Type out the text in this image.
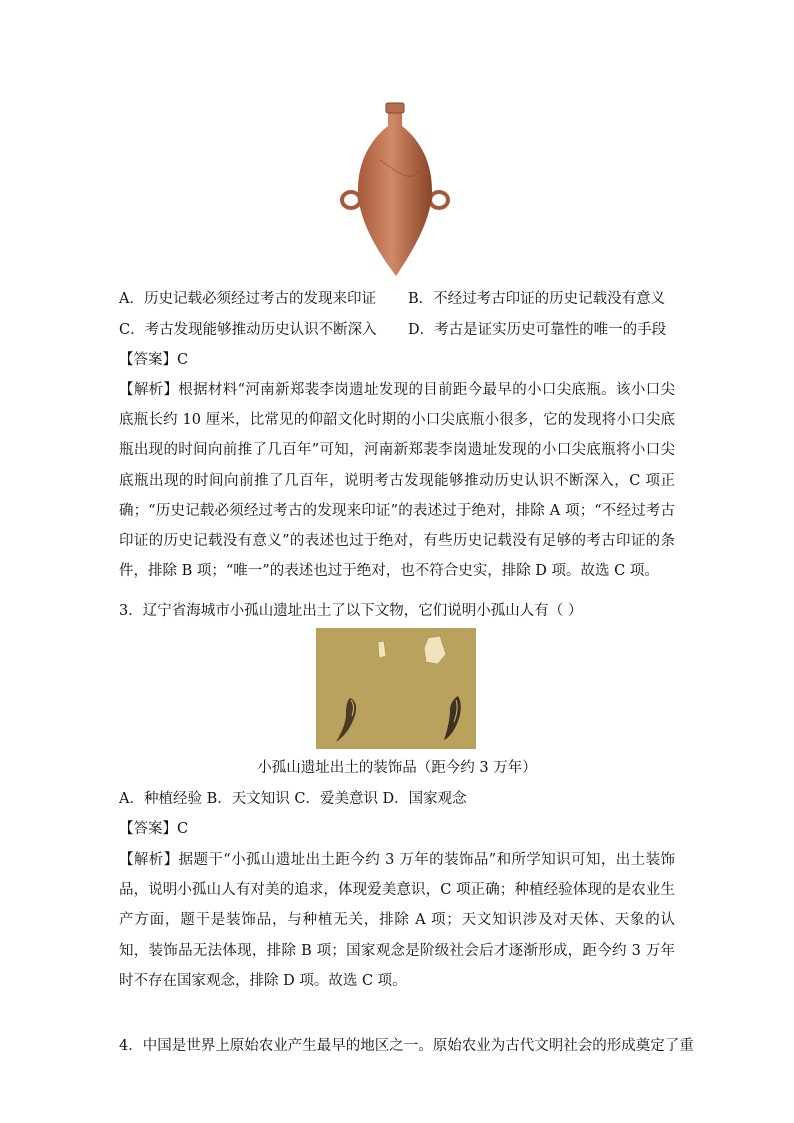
A．历史记载必须经过考古的发现来印证 B．不经过考古印证的历史记载没有意义
C．考古发现能够推动历史认识不断深入 D．考古是证实历史可靠性的唯一的手段
【答案】C
【解析】根据材料“河南新郑裴李岗遗址发现的目前距今最早的小口尖底瓶。该小口尖底瓶长约 10 厘米，比常见的仰韶文化时期的小口尖底瓶小很多，它的发现将小口尖底瓶出现的时间向前推了几百年”可知，河南新郑裴李岗遗址发现的小口尖底瓶将小口尖底瓶出现的时间向前推了几百年，说明考古发现能够推动历史认识不断深入，C 项正确；“历史记载必须经过考古的发现来印证”的表述过于绝对，排除 A 项；“不经过考古印证的历史记载没有意义”的表述也过于绝对，有些历史记载没有足够的考古印证的条件，排除 B 项；“唯一”的表述也过于绝对，也不符合史实，排除 D 项。故选 C 项。
3．辽宁省海城市小孤山遗址出土了以下文物，它们说明小孤山人有（ ）
小孤山遗址出土的装饰品（距今约 3 万年）
A．种植经验 B．天文知识 C．爱美意识 D．国家观念
【答案】C
【解析】据题干“小孤山遗址出土距今约 3 万年的装饰品”和所学知识可知，出土装饰品，说明小孤山人有对美的追求，体现爱美意识，C 项正确；种植经验体现的是农业生产方面，题干是装饰品，与种植无关，排除 A 项；天文知识涉及对天体、天象的认知，装饰品无法体现，排除 B 项；国家观念是阶级社会后才逐渐形成，距今约 3 万年时不存在国家观念，排除 D 项。故选 C 项。
4．中国是世界上原始农业产生最早的地区之一。原始农业为古代文明社会的形成奠定了重
